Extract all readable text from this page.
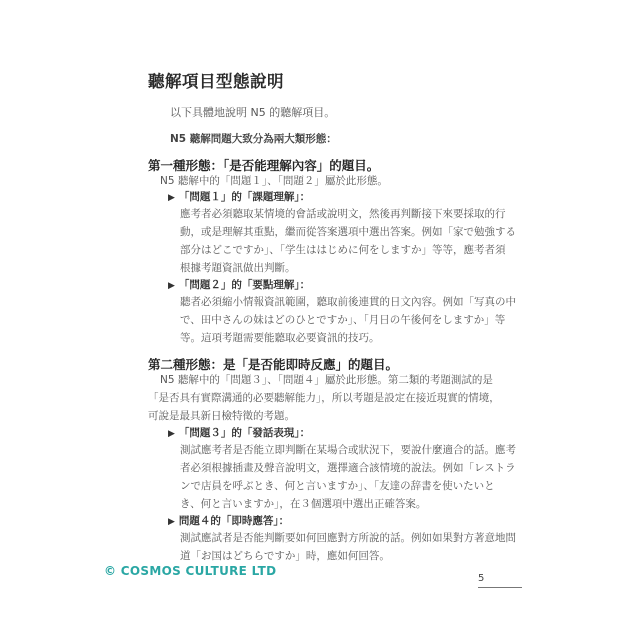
聽解項目型態說明
以下具體地說明 N5 的聽解項目。
N5 聽解問題大致分為兩大類形態：
第一種形態：「是否能理解內容」的題目。
N5 聽解中的「問題１」、「問題２」屬於此形態。
▶ 「問題１」的「課題理解」：
應考者必須聽取某情境的會話或說明文，然後再判斷接下來要採取的行
動，或是理解其重點，繼而從答案選項中選出答案。例如「家で勉強する
部分はどこですか」、「学生ははじめに何をしますか」等等，應考者須
根據考題資訊做出判斷。
▶ 「問題２」的「要點理解」：
聽者必須縮小情報資訊範圍，聽取前後連貫的日文內容。例如「写真の中
で、田中さんの妹はどのひとですか」、「月日の午後何をしますか」等
等。這項考題需要能聽取必要資訊的技巧。
第二種形態：是「是否能即時反應」的題目。
N5 聽解中的「問題３」、「問題４」屬於此形態。第二類的考題測試的是
「是否具有實際溝通的必要聽解能力」，所以考題是設定在接近現實的情境，
可說是最具新日檢特徵的考題。
▶ 「問題３」的「發話表現」：
測試應考者是否能立即判斷在某場合或狀況下，要說什麼適合的話。應考
者必須根據插畫及聲音說明文，選擇適合該情境的說法。例如「レストラ
ンで店員を呼ぶとき、何と言いますか」、「友達の辞書を使いたいと
き、何と言いますか」，在３個選項中選出正確答案。
▶ 問題４的「即時應答」：
測試應試者是否能判斷要如何回應對方所說的話。例如如果對方著意地問
道「お国はどちらですか」時，應如何回答。
© COSMOS CULTURE LTD
5
